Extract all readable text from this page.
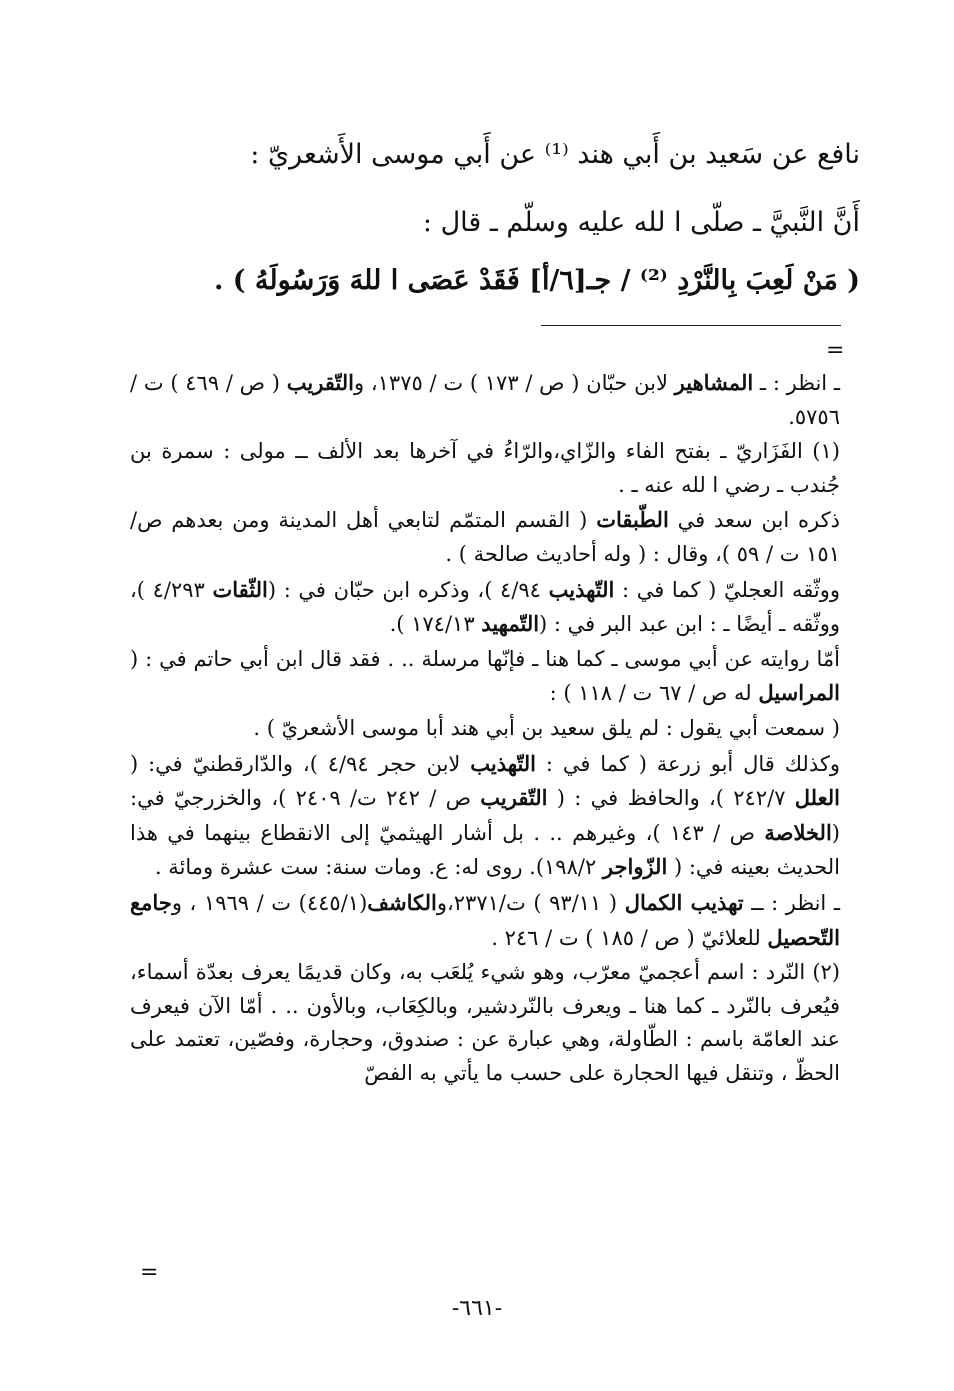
نافع عن سَعيد بن أَبي هند ⁽¹⁾ عن أَبي موسى الأَشعريّ :
أَنَّ النَّبيَّ ـ صلّى ا لله عليه وسلّم ـ قال :
( مَنْ لَعِبَ بِالنَّرْدِ ⁽²⁾ / جـ[٦/أ] فَقَدْ عَصَى ا للهَ وَرَسُولَهُ ) .
=

ـ انظر : ـ المشاهير لابن حبّان ( ص / ١٧٣ ) ت / ١٣٧٥، والتّقريب ( ص / ٤٦٩ ) ت / ٥٧٥٦.

(١) الفَزَاريّ ـ بفتح الفاء والزّاي،والرّاءُ في آخرها بعد الألف ــ مولى : سمرة بن جُندب ـ رضي ا لله عنه ـ .

ذكره ابن سعد في الطّبقات ( القسم المتمّم لتابعي أهل المدينة ومن بعدهم ص/ ١٥١ ت / ٥٩ )، وقال : ( وله أحاديث صالحة ) .

ووثّقه العجليّ ( كما في : التّهذيب ٤/٩٤ )، وذكره ابن حبّان في : (الثّقات ٤/٢٩٣ )، ووثّقه ـ أيضًا ـ : ابن عبد البر في : (التّمهيد ١٧٤/١٣ ).

أمّا روايته عن أبي موسى ـ كما هنا ـ فإنّها مرسلة .. . فقد قال ابن أبي حاتم في : ( المراسيل له ص / ٦٧ ت / ١١٨ ) :

( سمعت أبي يقول : لم يلق سعيد بن أبي هند أبا موسى الأشعريّ ) .

وكذلك قال أبو زرعة ( كما في : التّهذيب لابن حجر ٤/٩٤ )، والدّارقطنيّ في: ( العلل ٢٤٢/٧ )، والحافظ في : ( التّقريب ص / ٢٤٢ ت/ ٢٤٠٩ )، والخزرجيّ في: (الخلاصة ص / ١٤٣ )، وغيرهم .. . بل أشار الهيثميّ إلى الانقطاع بينهما في هذا الحديث بعينه في: ( الزّواجر ١٩٨/٢). روى له: ع. ومات سنة: ست عشرة ومائة .

ـ انظر : ــ تهذيب الكمال ( ٩٣/١١ ) ت/٢٣٧١،والكاشف(٤٤٥/١) ت / ١٩٦٩ ، وجامع التّحصيل للعلائيّ ( ص / ١٨٥ ) ت / ٢٤٦ .

(٢) النّرد : اسم أعجميّ معرّب، وهو شيء يُلعَب به، وكان قديمًا يعرف بعدّة أسماء، فيُعرف بالنّرد ـ كما هنا ـ ويعرف بالنّردشير، وبالكِعَاب، وبالأون .. . أمّا الآن فيعرف عند العامّة باسم : الطّاولة، وهي عبارة عن : صندوق، وحجارة، وفصّين، تعتمد على الحظّ ، وتنقل فيها الحجارة على حسب ما يأتي به الفصّ

=
-٦٦١-
